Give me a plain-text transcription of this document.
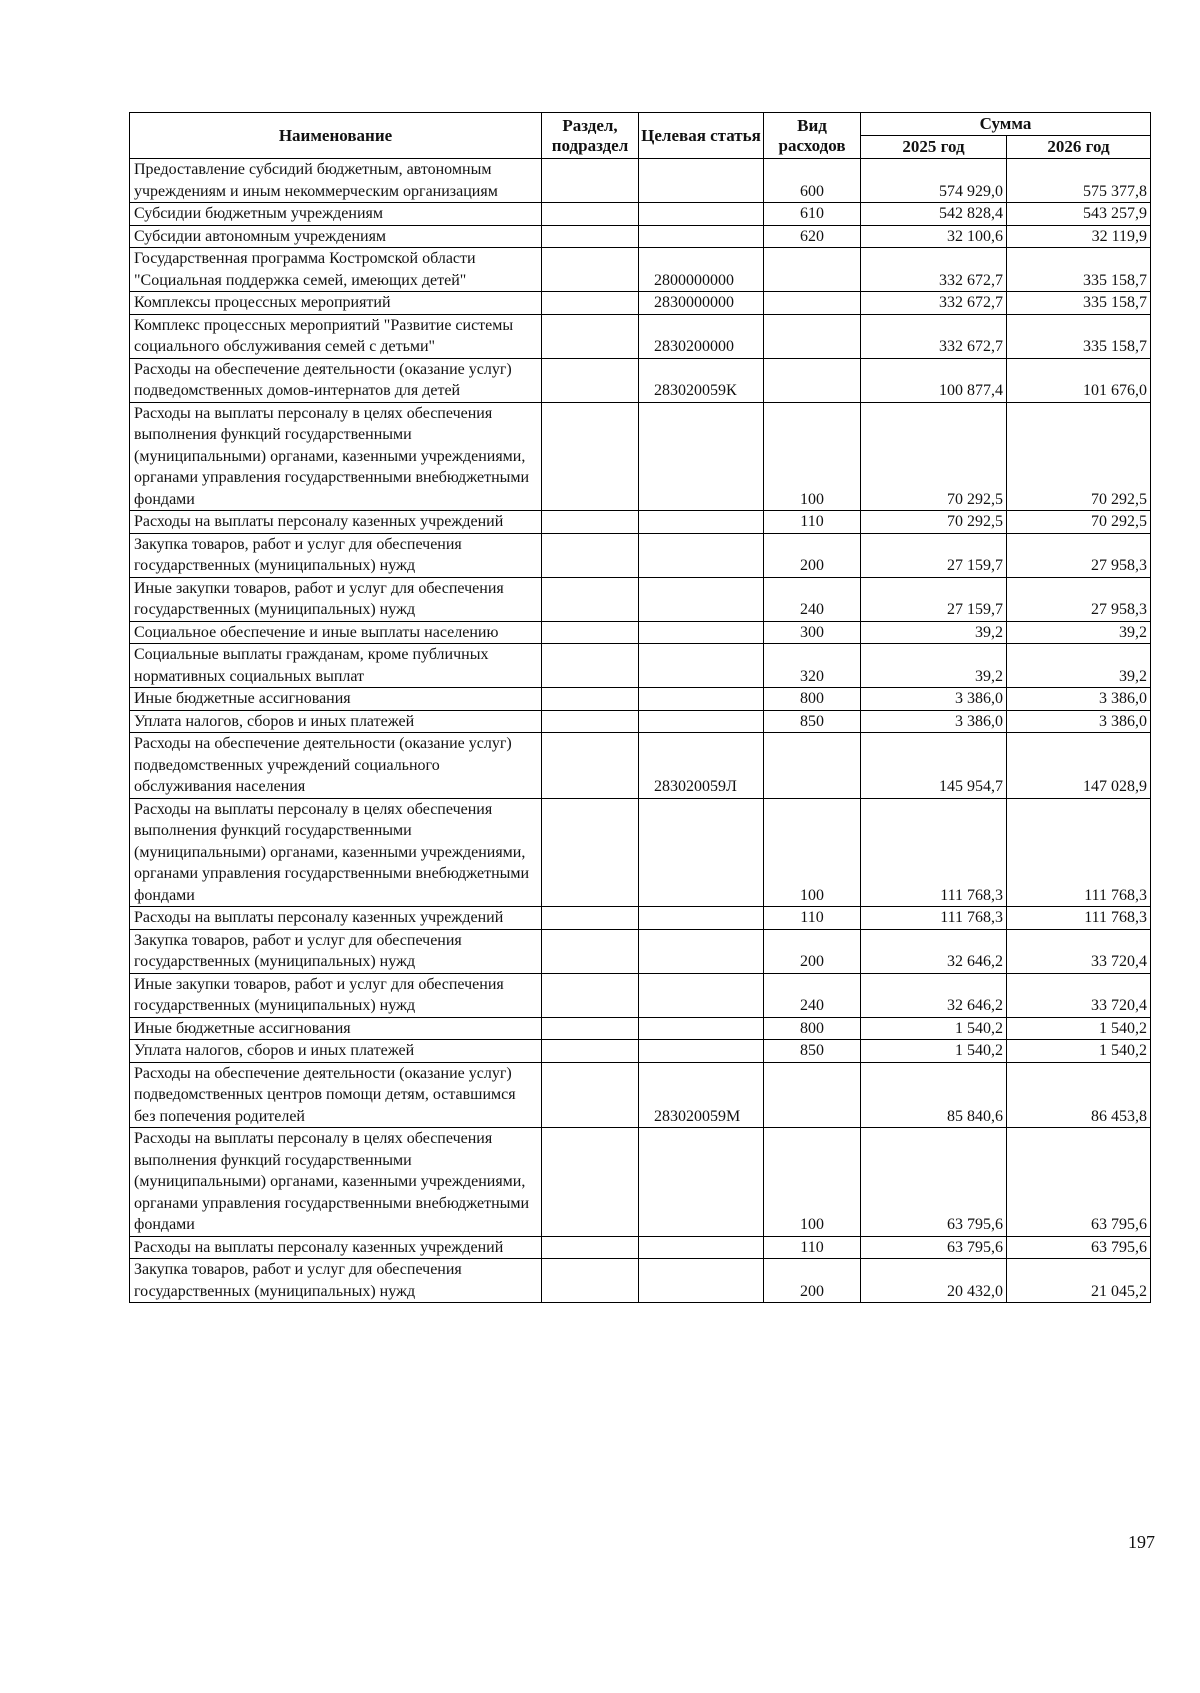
Наименование	Раздел, подраздел	Целевая статья	Вид расходов	Сумма	
				2025 год	2026 год
Предоставление субсидий бюджетным, автономным учреждениям и иным некоммерческим организациям			600	574 929,0	575 377,8
Субсидии бюджетным учреждениям			610	542 828,4	543 257,9
Субсидии автономным учреждениям			620	32 100,6	32 119,9
Государственная программа Костромской области "Социальная поддержка семей, имеющих детей"		2800000000		332 672,7	335 158,7
Комплексы процессных мероприятий		2830000000		332 672,7	335 158,7
Комплекс процессных мероприятий "Развитие системы социального обслуживания семей с детьми"		2830200000		332 672,7	335 158,7
Расходы на обеспечение деятельности (оказание услуг) подведомственных домов-интернатов для детей		283020059К		100 877,4	101 676,0
Расходы на выплаты персоналу в целях обеспечения выполнения функций государственными (муниципальными) органами, казенными учреждениями, органами управления государственными внебюджетными фондами			100	70 292,5	70 292,5
Расходы на выплаты персоналу казенных учреждений			110	70 292,5	70 292,5
Закупка товаров, работ и услуг для обеспечения государственных (муниципальных) нужд			200	27 159,7	27 958,3
Иные закупки товаров, работ и услуг для обеспечения государственных (муниципальных) нужд			240	27 159,7	27 958,3
Социальное обеспечение и иные выплаты населению			300	39,2	39,2
Социальные выплаты гражданам, кроме публичных нормативных социальных выплат			320	39,2	39,2
Иные бюджетные ассигнования			800	3 386,0	3 386,0
Уплата налогов, сборов и иных платежей			850	3 386,0	3 386,0
Расходы на обеспечение деятельности (оказание услуг) подведомственных учреждений социального обслуживания населения		283020059Л		145 954,7	147 028,9
Расходы на выплаты персоналу в целях обеспечения выполнения функций государственными (муниципальными) органами, казенными учреждениями, органами управления государственными внебюджетными фондами			100	111 768,3	111 768,3
Расходы на выплаты персоналу казенных учреждений			110	111 768,3	111 768,3
Закупка товаров, работ и услуг для обеспечения государственных (муниципальных) нужд			200	32 646,2	33 720,4
Иные закупки товаров, работ и услуг для обеспечения государственных (муниципальных) нужд			240	32 646,2	33 720,4
Иные бюджетные ассигнования			800	1 540,2	1 540,2
Уплата налогов, сборов и иных платежей			850	1 540,2	1 540,2
Расходы на обеспечение деятельности (оказание услуг) подведомственных центров помощи детям, оставшимся без попечения родителей		283020059М		85 840,6	86 453,8
Расходы на выплаты персоналу в целях обеспечения выполнения функций государственными (муниципальными) органами, казенными учреждениями, органами управления государственными внебюджетными фондами			100	63 795,6	63 795,6
Расходы на выплаты персоналу казенных учреждений			110	63 795,6	63 795,6
Закупка товаров, работ и услуг для обеспечения государственных (муниципальных) нужд			200	20 432,0	21 045,2
197
